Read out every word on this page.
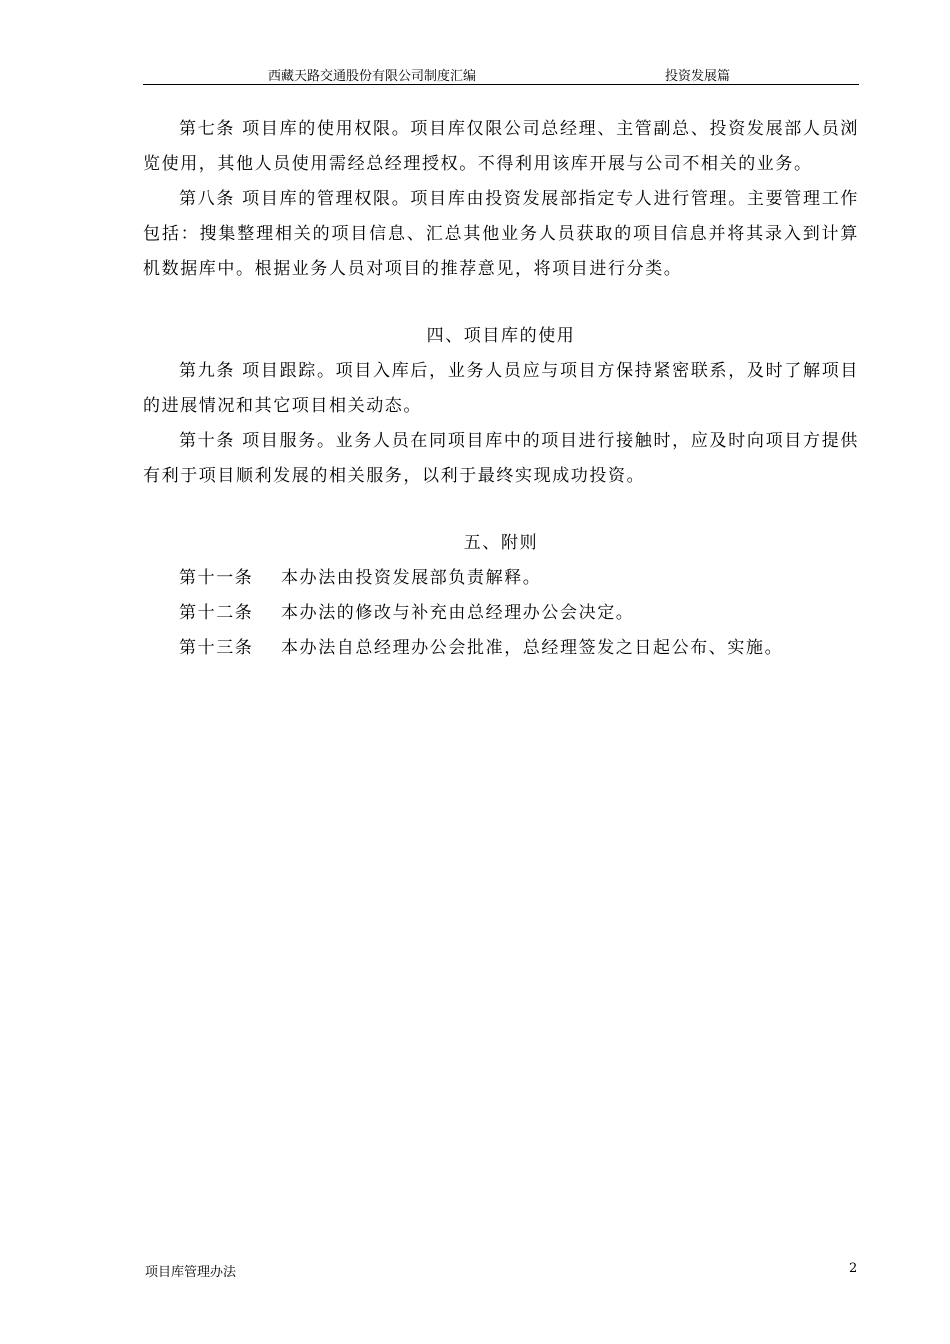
西藏天路交通股份有限公司制度汇编	投资发展篇

第七条 项目库的使用权限。项目库仅限公司总经理、主管副总、投资发展部人员浏览使用，其他人员使用需经总经理授权。不得利用该库开展与公司不相关的业务。

第八条 项目库的管理权限。项目库由投资发展部指定专人进行管理。主要管理工作包括：搜集整理相关的项目信息、汇总其他业务人员获取的项目信息并将其录入到计算机数据库中。根据业务人员对项目的推荐意见，将项目进行分类。

四、项目库的使用

第九条 项目跟踪。项目入库后，业务人员应与项目方保持紧密联系，及时了解项目的进展情况和其它项目相关动态。

第十条 项目服务。业务人员在同项目库中的项目进行接触时，应及时向项目方提供有利于项目顺利发展的相关服务，以利于最终实现成功投资。

五、附则

第十一条 本办法由投资发展部负责解释。

第十二条 本办法的修改与补充由总经理办公会决定。

第十三条 本办法自总经理办公会批准，总经理签发之日起公布、实施。

项目库管理办法	2
